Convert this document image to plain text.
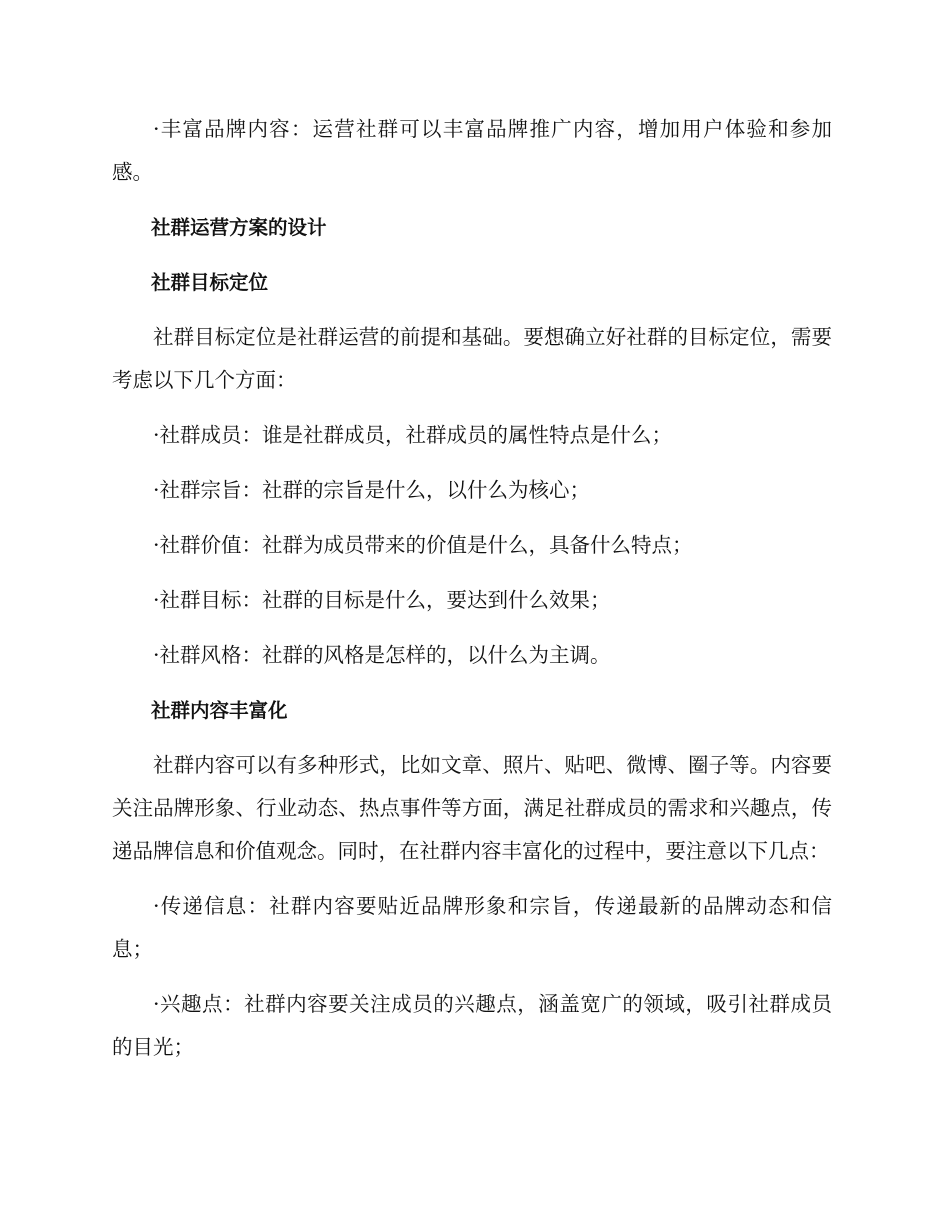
·丰富品牌内容：运营社群可以丰富品牌推广内容，增加用户体验和参加感。

社群运营方案的设计

社群目标定位

社群目标定位是社群运营的前提和基础。要想确立好社群的目标定位，需要考虑以下几个方面：

·社群成员：谁是社群成员，社群成员的属性特点是什么；

·社群宗旨：社群的宗旨是什么，以什么为核心；

·社群价值：社群为成员带来的价值是什么，具备什么特点；

·社群目标：社群的目标是什么，要达到什么效果；

·社群风格：社群的风格是怎样的，以什么为主调。

社群内容丰富化

社群内容可以有多种形式，比如文章、照片、贴吧、微博、圈子等。内容要关注品牌形象、行业动态、热点事件等方面，满足社群成员的需求和兴趣点，传递品牌信息和价值观念。同时，在社群内容丰富化的过程中，要注意以下几点：

·传递信息：社群内容要贴近品牌形象和宗旨，传递最新的品牌动态和信息；

·兴趣点：社群内容要关注成员的兴趣点，涵盖宽广的领域，吸引社群成员的目光；
